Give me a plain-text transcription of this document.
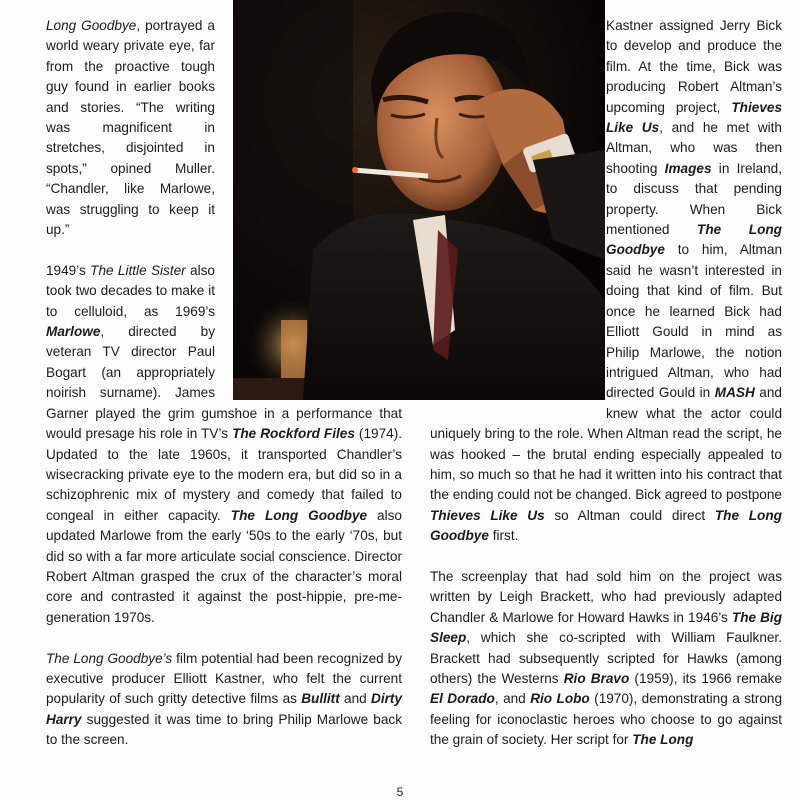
Long Goodbye, portrayed a world weary private eye, far from the proactive tough guy found in earlier books and stories. “The writing was magnificent in stretches, disjointed in spots,” opined Muller. “Chandler, like Marlowe, was struggling to keep it up.”

1949’s The Little Sister also took two decades to make it to celluloid, as 1969’s Marlowe, directed by veteran TV director Paul Bogart (an appropriately noirish surname). James Garner played the grim gumshoe in a performance that would presage his role in TV’s The Rockford Files (1974). Updated to the late 1960s, it transported Chandler’s wisecracking private eye to the modern era, but did so in a schizophrenic mix of mystery and comedy that failed to congeal in either capacity. The Long Goodbye also updated Marlowe from the early ‘50s to the early ‘70s, but did so with a far more articulate social conscience. Director Robert Altman grasped the crux of the character’s moral core and contrasted it against the post-hippie, pre-me-generation 1970s.

The Long Goodbye’s film potential had been recognized by executive producer Elliott Kastner, who felt the current popularity of such gritty detective films as Bullitt and Dirty Harry suggested it was time to bring Philip Marlowe back to the screen.

Kastner assigned Jerry Bick to develop and produce the film. At the time, Bick was producing Robert Altman’s upcoming project, Thieves Like Us, and he met with Altman, who was then shooting Images in Ireland, to discuss that pending property. When Bick mentioned The Long Goodbye to him, Altman said he wasn’t interested in doing that kind of film. But once he learned Bick had Elliott Gould in mind as Philip Marlowe, the notion intrigued Altman, who had directed Gould in MASH and knew what the actor could uniquely bring to the role. When Altman read the script, he was hooked – the brutal ending especially appealed to him, so much so that he had it written into his contract that the ending could not be changed. Bick agreed to postpone Thieves Like Us so Altman could direct The Long Goodbye first.

The screenplay that had sold him on the project was written by Leigh Brackett, who had previously adapted Chandler & Marlowe for Howard Hawks in 1946’s The Big Sleep, which she co-scripted with William Faulkner. Brackett had subsequently scripted for Hawks (among others) the Westerns Rio Bravo (1959), its 1966 remake El Dorado, and Rio Lobo (1970), demonstrating a strong feeling for iconoclastic heroes who choose to go against the grain of society. Her script for The Long

5
